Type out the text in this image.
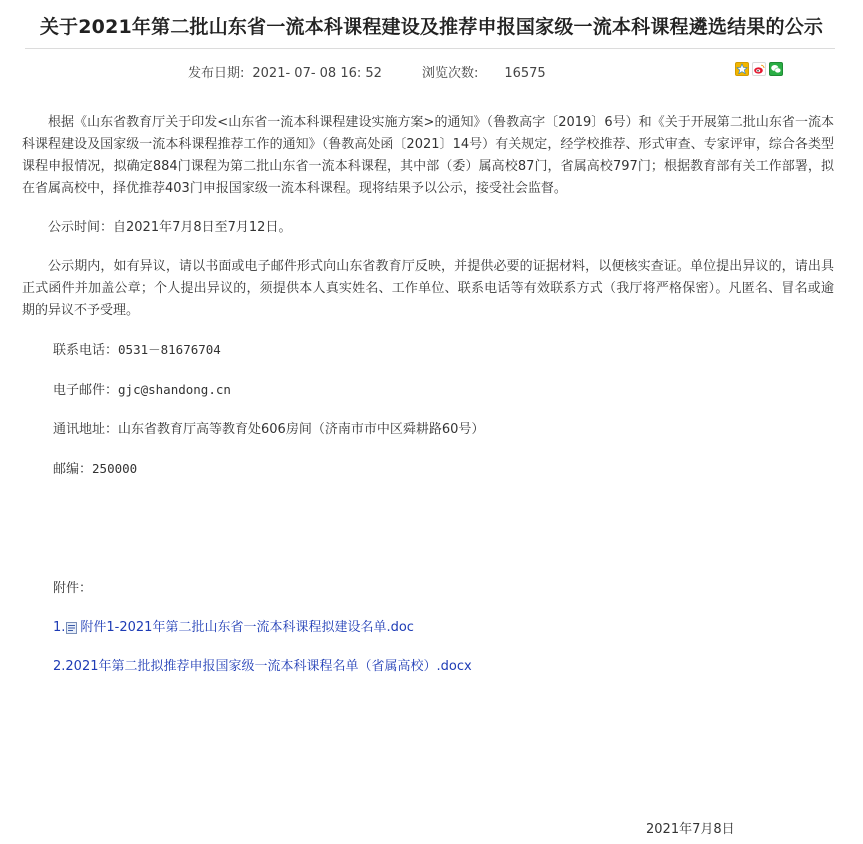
关于2021年第二批山东省一流本科课程建设及推荐申报国家级一流本科课程遴选结果的公示
发布日期: 2021- 07- 08 16: 52	浏览次数: 16575

根据《山东省教育厅关于印发<山东省一流本科课程建设实施方案>的通知》（鲁教高字〔2019〕6号）和《关于开展第二批山东省一流本科课程建设及国家级一流本科课程推荐工作的通知》（鲁教高处函〔2021〕14号）有关规定，经学校推荐、形式审查、专家评审，综合各类型课程申报情况，拟确定884门课程为第二批山东省一流本科课程，其中部（委）属高校87门，省属高校797门；根据教育部有关工作部署，拟在省属高校中，择优推荐403门申报国家级一流本科课程。现将结果予以公示，接受社会监督。

公示时间：自2021年7月8日至7月12日。

公示期内，如有异议，请以书面或电子邮件形式向山东省教育厅反映，并提供必要的证据材料，以便核实查证。单位提出异议的，请出具正式函件并加盖公章；个人提出异议的，须提供本人真实姓名、工作单位、联系电话等有效联系方式（我厅将严格保密）。凡匿名、冒名或逾期的异议不予受理。

联系电话：0531－81676704

电子邮件：gjc@shandong.cn

通讯地址：山东省教育厅高等教育处606房间（济南市市中区舜耕路60号）

邮编：250000

附件：

1. 附件1-2021年第二批山东省一流本科课程拟建设名单.doc
2. 2021年第二批拟推荐申报国家级一流本科课程名单（省属高校）.docx
2021年7月8日
